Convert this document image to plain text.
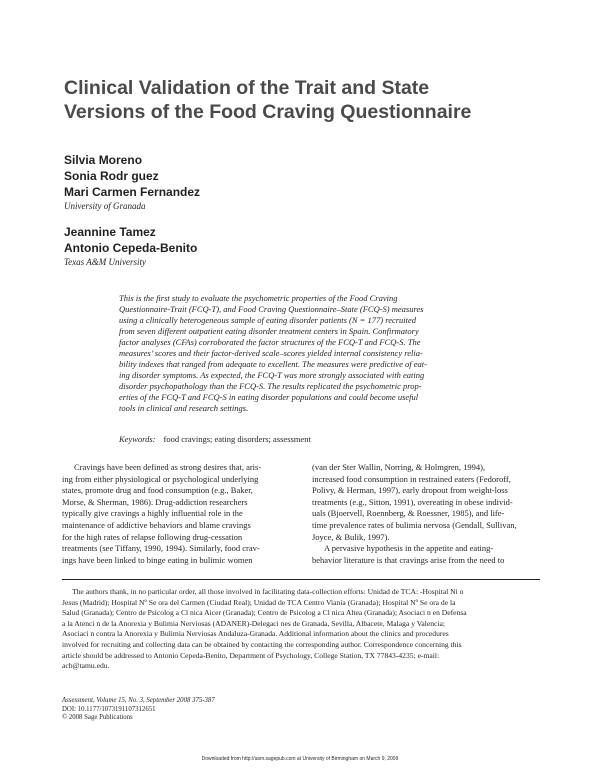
Clinical Validation of the Trait and State
Versions of the Food Craving Questionnaire
Silvia Moreno
Sonia Rodr guez
Mari Carmen Fernandez
University of Granada
Jeannine Tamez
Antonio Cepeda-Benito
Texas A&M University
This is the first study to evaluate the psychometric properties of the Food Craving
Questionnaire-Trait (FCQ-T), and Food Craving Questionnaire–State (FCQ-S) measures
using a clinically heterogeneous sample of eating disorder patients (N = 177) recruited
from seven different outpatient eating disorder treatment centers in Spain. Confirmatory
factor analyses (CFAs) corroborated the factor structures of the FCQ-T and FCQ-S. The
measures’ scores and their factor-derived scale–scores yielded internal consistency relia-
bility indexes that ranged from adequate to excellent. The measures were predictive of eat-
ing disorder symptoms. As expected, the FCQ-T was more strongly associated with eating
disorder psychopathology than the FCQ-S. The results replicated the psychometric prop-
erties of the FCQ-T and FCQ-S in eating disorder populations and could become useful
tools in clinical and research settings.
Keywords: food cravings; eating disorders; assessment
Cravings have been defined as strong desires that, aris-
ing from either physiological or psychological underlying
states, promote drug and food consumption (e.g., Baker,
Morse, & Sherman, 1986). Drug-addiction researchers
typically give cravings a highly influential role in the
maintenance of addictive behaviors and blame cravings
for the high rates of relapse following drug-cessation
treatments (see Tiffany, 1990, 1994). Similarly, food crav-
ings have been linked to binge eating in bulimic women
(van der Ster Wallin, Norring, & Holmgren, 1994),
increased food consumption in restrained eaters (Fedoroff,
Polivy, & Herman, 1997), early dropout from weight-loss
treatments (e.g., Sitton, 1991), overeating in obese individ-
uals (Bjoervell, Roennberg, & Roessner, 1985), and life-
time prevalence rates of bulimia nervosa (Gendall, Sullivan,
Joyce, & Bulik, 1997).
A pervasive hypothesis in the appetite and eating-
behavior literature is that cravings arise from the need to
The authors thank, in no particular order, all those involved in facilitating data-collection efforts: Unidad de TCA: -Hospital Ni o
Jesus (Madrid); Hospital Nº Se ora del Carmen (Ciudad Real); Unidad de TCA Centro Vianía (Granada); Hospital Nº Se ora de la
Salud (Granada); Centro de Psicolog a Cl nica Aicer (Granada); Centro de Psicolog a Cl nica Altea (Granada); Asociaci n en Defensa
a la Atenci n de la Anorexia y Bulimia Nerviosas (ADANER)-Delegaci nes de Granada, Sevilla, Albacete, Malaga y Valencia;
Asociaci n contra la Anorexia y Bulimia Nerviosas Andaluza-Granada. Additional information about the clinics and procedures
involved for recruiting and collecting data can be obtained by contacting the corresponding author. Correspondence concerning this
article should be addressed to Antonio Cepeda-Benito, Department of Psychology, College Station, TX 77843-4235; e-mail:
acb@tamu.edu.
Assessment, Volume 15, No. 3, September 2008 375-387
DOI: 10.1177/1073191107312651
© 2008 Sage Publications
Downloaded from http://asm.sagepub.com at University of Birmingham on March 9, 2009
